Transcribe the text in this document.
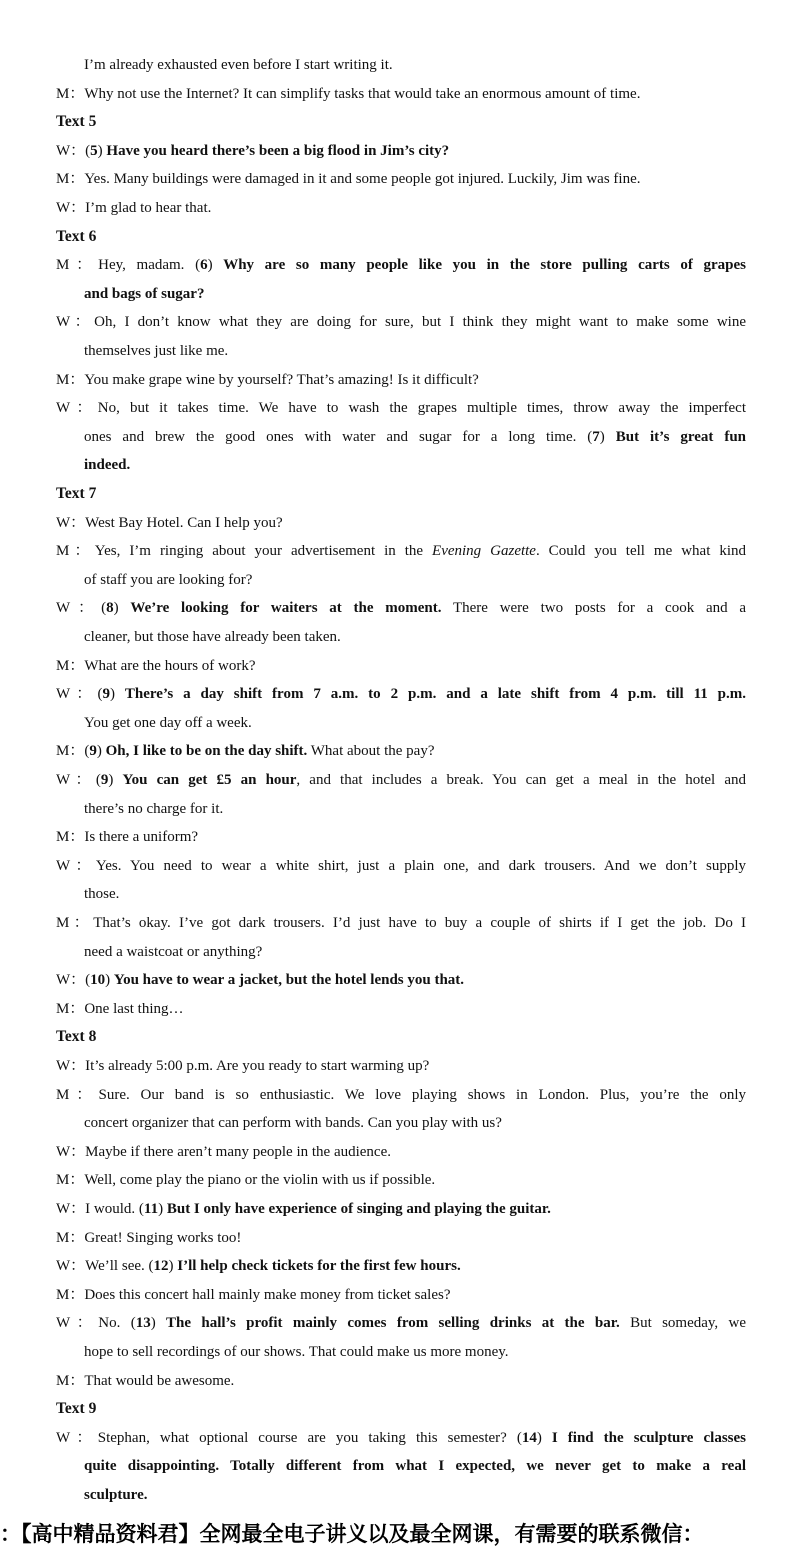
I’m already exhausted even before I start writing it.
M：Why not use the Internet? It can simplify tasks that would take an enormous amount of time.
Text 5
W：(5) Have you heard there’s been a big flood in Jim’s city?
M：Yes. Many buildings were damaged in it and some people got injured. Luckily, Jim was fine.
W：I’m glad to hear that.
Text 6
M：Hey, madam. (6) Why are so many people like you in the store pulling carts of grapes
and bags of sugar?
W：Oh, I don’t know what they are doing for sure, but I think they might want to make some wine
themselves just like me.
M：You make grape wine by yourself? That’s amazing! Is it difficult?
W：No, but it takes time. We have to wash the grapes multiple times, throw away the imperfect
ones and brew the good ones with water and sugar for a long time. (7) But it’s great fun
indeed.
Text 7
W：West Bay Hotel. Can I help you?
M：Yes, I’m ringing about your advertisement in the Evening Gazette. Could you tell me what kind
of staff you are looking for?
W：(8) We’re looking for waiters at the moment. There were two posts for a cook and a
cleaner, but those have already been taken.
M：What are the hours of work?
W：(9) There’s a day shift from 7 a.m. to 2 p.m. and a late shift from 4 p.m. till 11 p.m.
You get one day off a week.
M：(9) Oh, I like to be on the day shift. What about the pay?
W：(9) You can get £5 an hour, and that includes a break. You can get a meal in the hotel and
there’s no charge for it.
M：Is there a uniform?
W：Yes. You need to wear a white shirt, just a plain one, and dark trousers. And we don’t supply
those.
M：That’s okay. I’ve got dark trousers. I’d just have to buy a couple of shirts if I get the job. Do I
need a waistcoat or anything?
W：(10) You have to wear a jacket, but the hotel lends you that.
M：One last thing…
Text 8
W：It’s already 5:00 p.m. Are you ready to start warming up?
M：Sure. Our band is so enthusiastic. We love playing shows in London. Plus, you’re the only
concert organizer that can perform with bands. Can you play with us?
W：Maybe if there aren’t many people in the audience.
M：Well, come play the piano or the violin with us if possible.
W：I would. (11) But I only have experience of singing and playing the guitar.
M：Great! Singing works too!
W：We’ll see. (12) I’ll help check tickets for the first few hours.
M：Does this concert hall mainly make money from ticket sales?
W：No. (13) The hall’s profit mainly comes from selling drinks at the bar. But someday, we
hope to sell recordings of our shows. That could make us more money.
M：That would be awesome.
Text 9
W：Stephan, what optional course are you taking this semester? (14) I find the sculpture classes
quite disappointing. Totally different from what I expected, we never get to make a real
sculpture.
：【高中精品资料君】全网最全电子讲义以及最全网课，有需要的联系微信：
